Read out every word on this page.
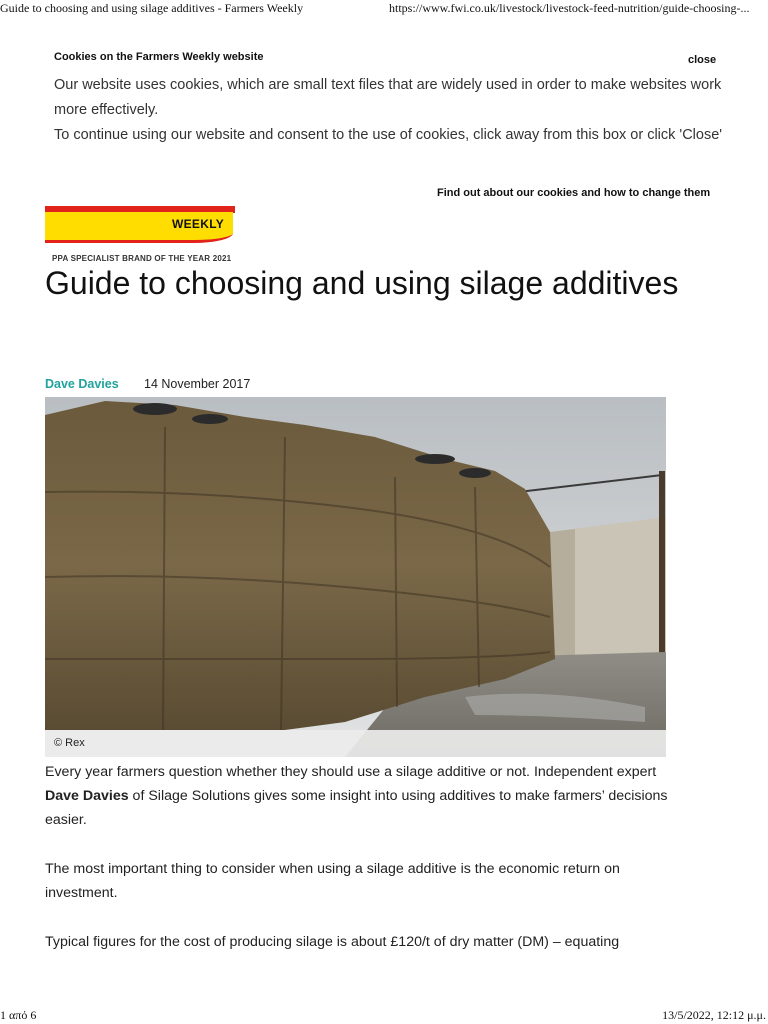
Guide to choosing and using silage additives - Farmers Weekly	https://www.fwi.co.uk/livestock/livestock-feed-nutrition/guide-choosing-...
Cookies on the Farmers Weekly website	close

Our website uses cookies, which are small text files that are widely used in order to make websites work more effectively.

To continue using our website and consent to the use of cookies, click away from this box or click 'Close'

Find out about our cookies and how to change them
WEEKLY
PPA SPECIALIST BRAND OF THE YEAR 2021
Guide to choosing and using silage additives
Dave Davies 14 November 2017
© Rex

Every year farmers question whether they should use a silage additive or not. Independent expert Dave Davies of Silage Solutions gives some insight into using additives to make farmers’ decisions easier.

The most important thing to consider when using a silage additive is the economic return on investment.

Typical figures for the cost of producing silage is about £120/t of dry matter (DM) – equating

1 από 6	13/5/2022, 12:12 μ.μ.
